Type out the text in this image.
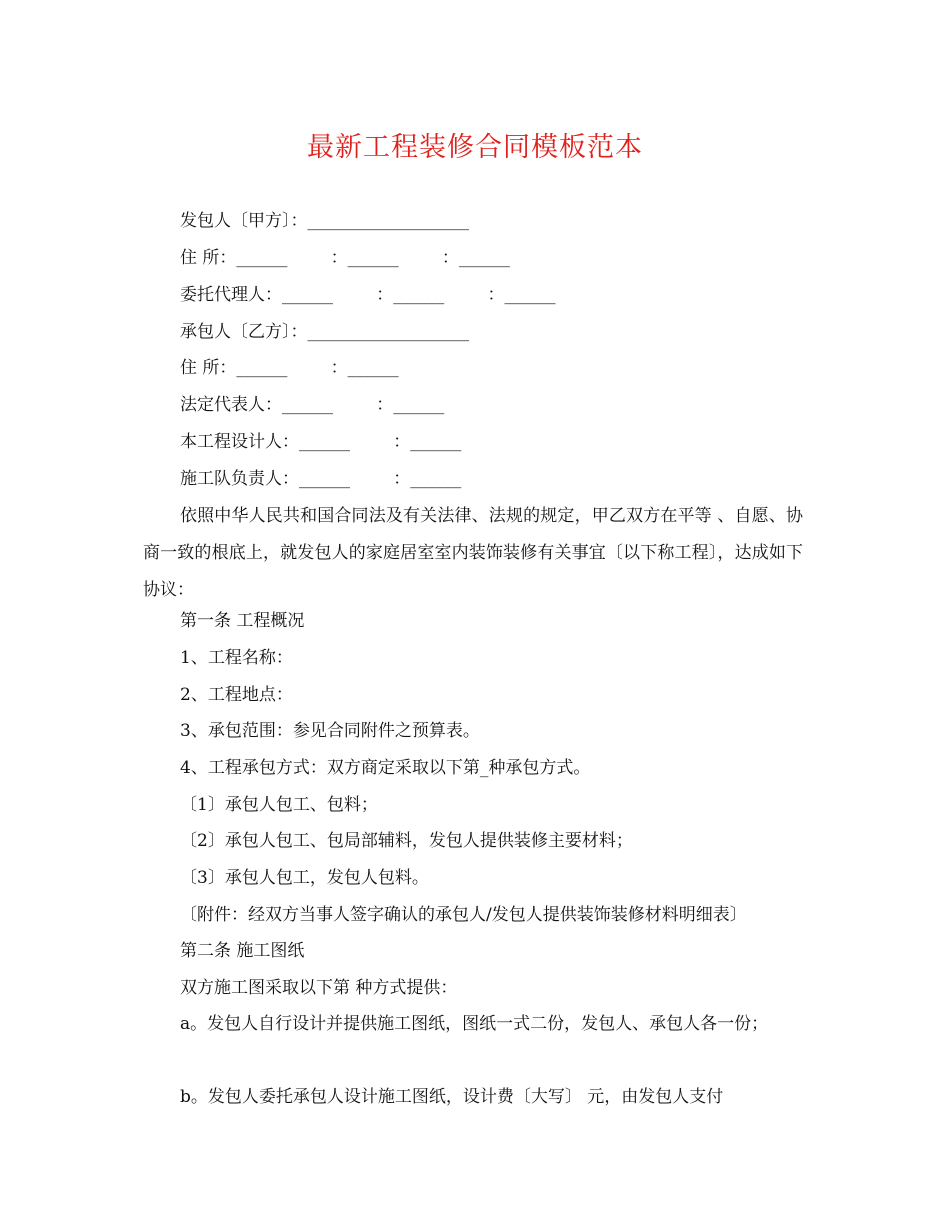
最新工程装修合同模板范本
发包人〔甲方〕：___________________
住 所：______        ：______        ：______
委托代理人：______        ：______        ：______
承包人〔乙方〕：___________________
住 所：______        ：______
法定代表人：______        ：______
本工程设计人：______        ：______
施工队负责人：______        ：______
依照中华人民共和国合同法及有关法律、法规的规定，甲乙双方在平等 、自愿、协商一致的根底上，就发包人的家庭居室室内装饰装修有关事宜〔以下称工程〕，达成如下协议：
第一条 工程概况
1、工程名称：
2、工程地点：
3、承包范围：参见合同附件之预算表。
4、工程承包方式：双方商定采取以下第_种承包方式。
〔1〕承包人包工、包料；
〔2〕承包人包工、包局部辅料，发包人提供装修主要材料；
〔3〕承包人包工，发包人包料。
〔附件：经双方当事人签字确认的承包人/发包人提供装饰装修材料明细表〕
第二条 施工图纸
双方施工图采取以下第 种方式提供：
a。发包人自行设计并提供施工图纸，图纸一式二份，发包人、承包人各一份；
b。发包人委托承包人设计施工图纸，设计费〔大写〕 元，由发包人支付
